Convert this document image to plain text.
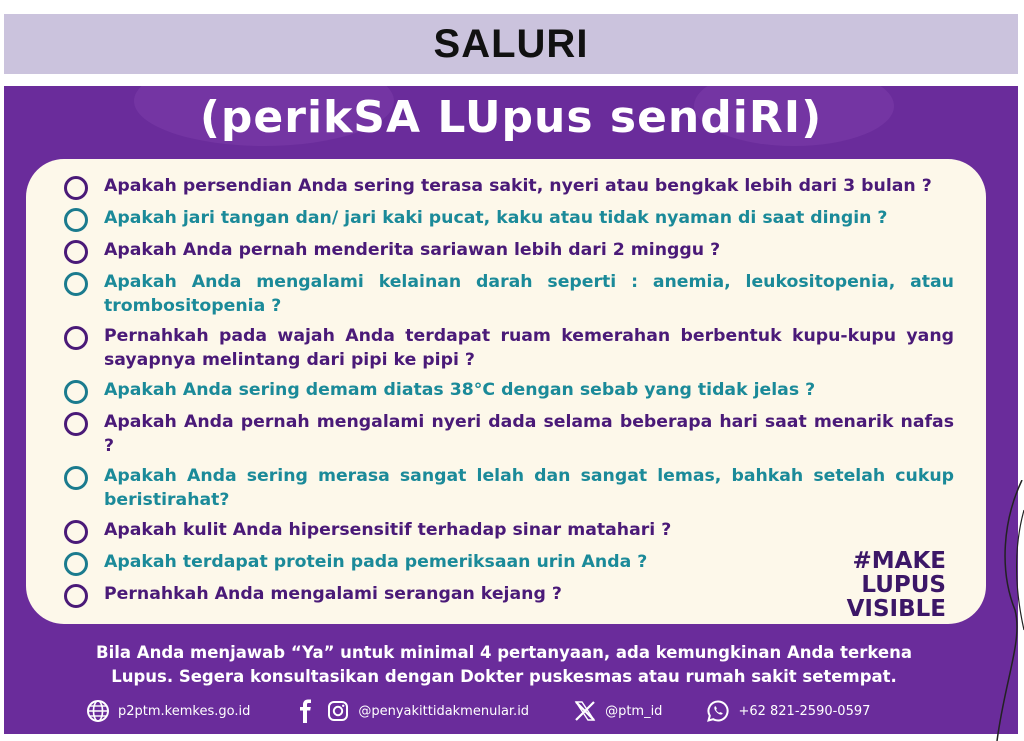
SALURI
(perikSA LUpus sendiRI)
Apakah persendian Anda sering terasa sakit, nyeri atau bengkak lebih dari 3 bulan ?
Apakah jari tangan dan/ jari kaki pucat, kaku atau tidak nyaman di saat dingin ?
Apakah Anda pernah menderita sariawan lebih dari 2 minggu ?
Apakah Anda mengalami kelainan darah seperti : anemia, leukositopenia, atau trombositopenia ?
Pernahkah pada wajah Anda terdapat ruam kemerahan berbentuk kupu-kupu yang sayapnya melintang dari pipi ke pipi ?
Apakah Anda sering demam diatas 38°C dengan sebab yang tidak jelas ?
Apakah Anda pernah mengalami nyeri dada selama beberapa hari saat menarik nafas ?
Apakah Anda sering merasa sangat lelah dan sangat lemas, bahkah setelah cukup beristirahat?
Apakah kulit Anda hipersensitif terhadap sinar matahari ?
Apakah terdapat protein pada pemeriksaan urin Anda ?
Pernahkah Anda mengalami serangan kejang ?
#MAKE
LUPUS
VISIBLE
Bila Anda menjawab “Ya” untuk minimal 4 pertanyaan, ada kemungkinan Anda terkena
Lupus. Segera konsultasikan dengan Dokter puskesmas atau rumah sakit setempat.
p2ptm.kemkes.go.id	@penyakittidakmenular.id	@ptm_id	+62 821-2590-0597
